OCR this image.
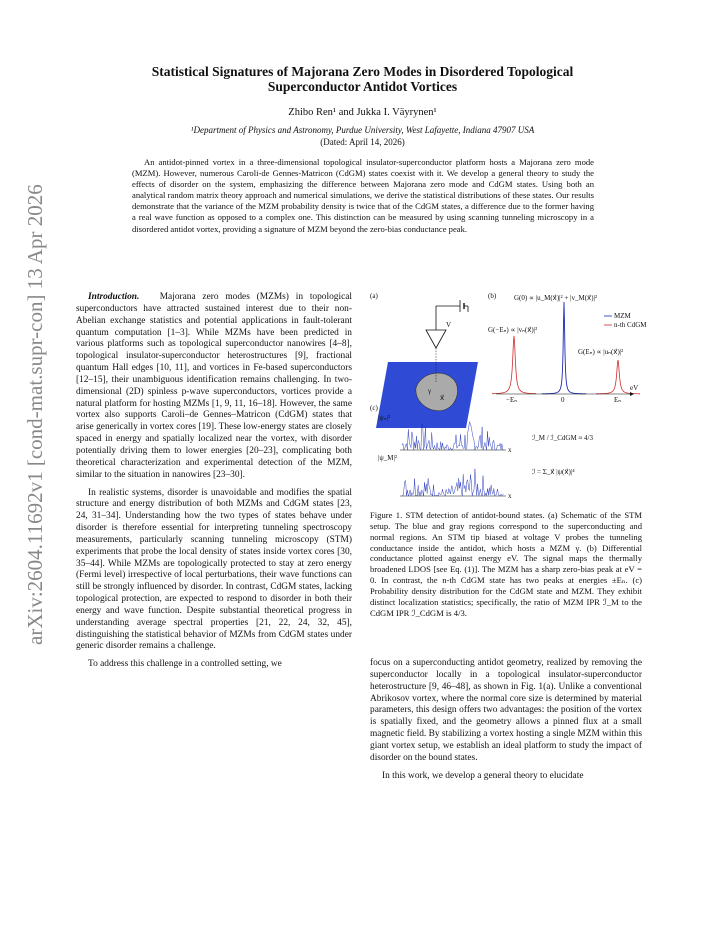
arXiv:2604.11692v1 [cond-mat.supr-con] 13 Apr 2026
Statistical Signatures of Majorana Zero Modes in Disordered Topological
Superconductor Antidot Vortices
Zhibo Ren¹ and Jukka I. Väyrynen¹
¹Department of Physics and Astronomy, Purdue University, West Lafayette, Indiana 47907 USA
(Dated: April 14, 2026)
An antidot-pinned vortex in a three-dimensional topological insulator-superconductor platform hosts a Majorana zero mode (MZM). However, numerous Caroli-de Gennes-Matricon (CdGM) states coexist with it. We develop a general theory to study the effects of disorder on the system, emphasizing the difference between Majorana zero mode and CdGM states. Using both an analytical random matrix theory approach and numerical simulations, we derive the statistical distributions of these states. Our results demonstrate that the variance of the MZM probability density is twice that of the CdGM states, a difference due to the former having a real wave function as opposed to a complex one. This distinction can be measured by using scanning tunneling microscopy in a disordered antidot vortex, providing a signature of MZM beyond the zero-bias conductance peak.

Introduction. Majorana zero modes (MZMs) in topological superconductors have attracted sustained interest due to their non-Abelian exchange statistics and potential applications in fault-tolerant quantum computation [1–3]. While MZMs have been predicted in various platforms such as topological superconductor nanowires [4–8], topological insulator-superconductor heterostructures [9], fractional quantum Hall edges [10, 11], and vortices in Fe-based superconductors [12–15], their unambiguous identification remains challenging. In two-dimensional (2D) spinless p-wave superconductors, vortices provide a natural platform for hosting MZMs [1, 9, 11, 16–18]. However, the same vortex also supports Caroli–de Gennes–Matricon (CdGM) states that arise generically in vortex cores [19]. These low-energy states are closely spaced in energy and spatially localized near the vortex, with disorder potentially driving them to lower energies [20–23], complicating both theoretical characterization and experimental detection of the MZM, similar to the situation in nanowires [23–30].

In realistic systems, disorder is unavoidable and modifies the spatial structure and energy distribution of both MZMs and CdGM states [23, 24, 31–34]. Understanding how the two types of states behave under disorder is therefore essential for interpreting tunneling spectroscopy measurements, particularly scanning tunneling microscopy (STM) experiments that probe the local density of states inside vortex cores [30, 35–44]. While MZMs are topologically protected to stay at zero energy (Fermi level) irrespective of local perturbations, their wave functions can still be strongly influenced by disorder. In contrast, CdGM states, lacking topological protection, are expected to respond to disorder in both their energy and wave function. Despite substantial theoretical progress in understanding average spectral properties [21, 22, 24, 32, 45], distinguishing the statistical behavior of MZMs from CdGM states under generic disorder remains a challenge.

To address this challenge in a controlled setting, we

(a)
V
γ
x⃗
(b)	G(0) ∝ |u_M(x⃗)|² + |v_M(x⃗)|²
G(−Eₙ) ∝ |vₙ(x⃗)|²
G(Eₙ) ∝ |uₙ(x⃗)|²
MZM
n-th CdGM
eV
−Eₙ	0	Eₙ
(c)
|ψₙ|²
x
|ψ_M|²
x
ℐ_M / ℐ_CdGM ≈ 4/3
ℐ = Σ_x⃗ |ψ(x⃗)|⁴
Figure 1. STM detection of antidot-bound states. (a) Schematic of the STM setup. The blue and gray regions correspond to the superconducting and normal regions. An STM tip biased at voltage V probes the tunneling conductance inside the antidot, which hosts a MZM γ. (b) Differential conductance plotted against energy eV. The signal maps the thermally broadened LDOS [see Eq. (1)]. The MZM has a sharp zero-bias peak at eV = 0. In contrast, the n-th CdGM state has two peaks at energies ±Eₙ. (c) Probability density distribution for the CdGM state and MZM. They exhibit distinct localization statistics; specifically, the ratio of MZM IPR ℐ_M to the CdGM IPR ℐ_CdGM is 4/3.

focus on a superconducting antidot geometry, realized by removing the superconductor locally in a topological insulator-superconductor heterostructure [9, 46–48], as shown in Fig. 1(a). Unlike a conventional Abrikosov vortex, where the normal core size is determined by material parameters, this design offers two advantages: the position of the vortex is spatially fixed, and the geometry allows a pinned flux at a small magnetic field. By stabilizing a vortex hosting a single MZM within this giant vortex setup, we establish an ideal platform to study the impact of disorder on the bound states.

In this work, we develop a general theory to elucidate
